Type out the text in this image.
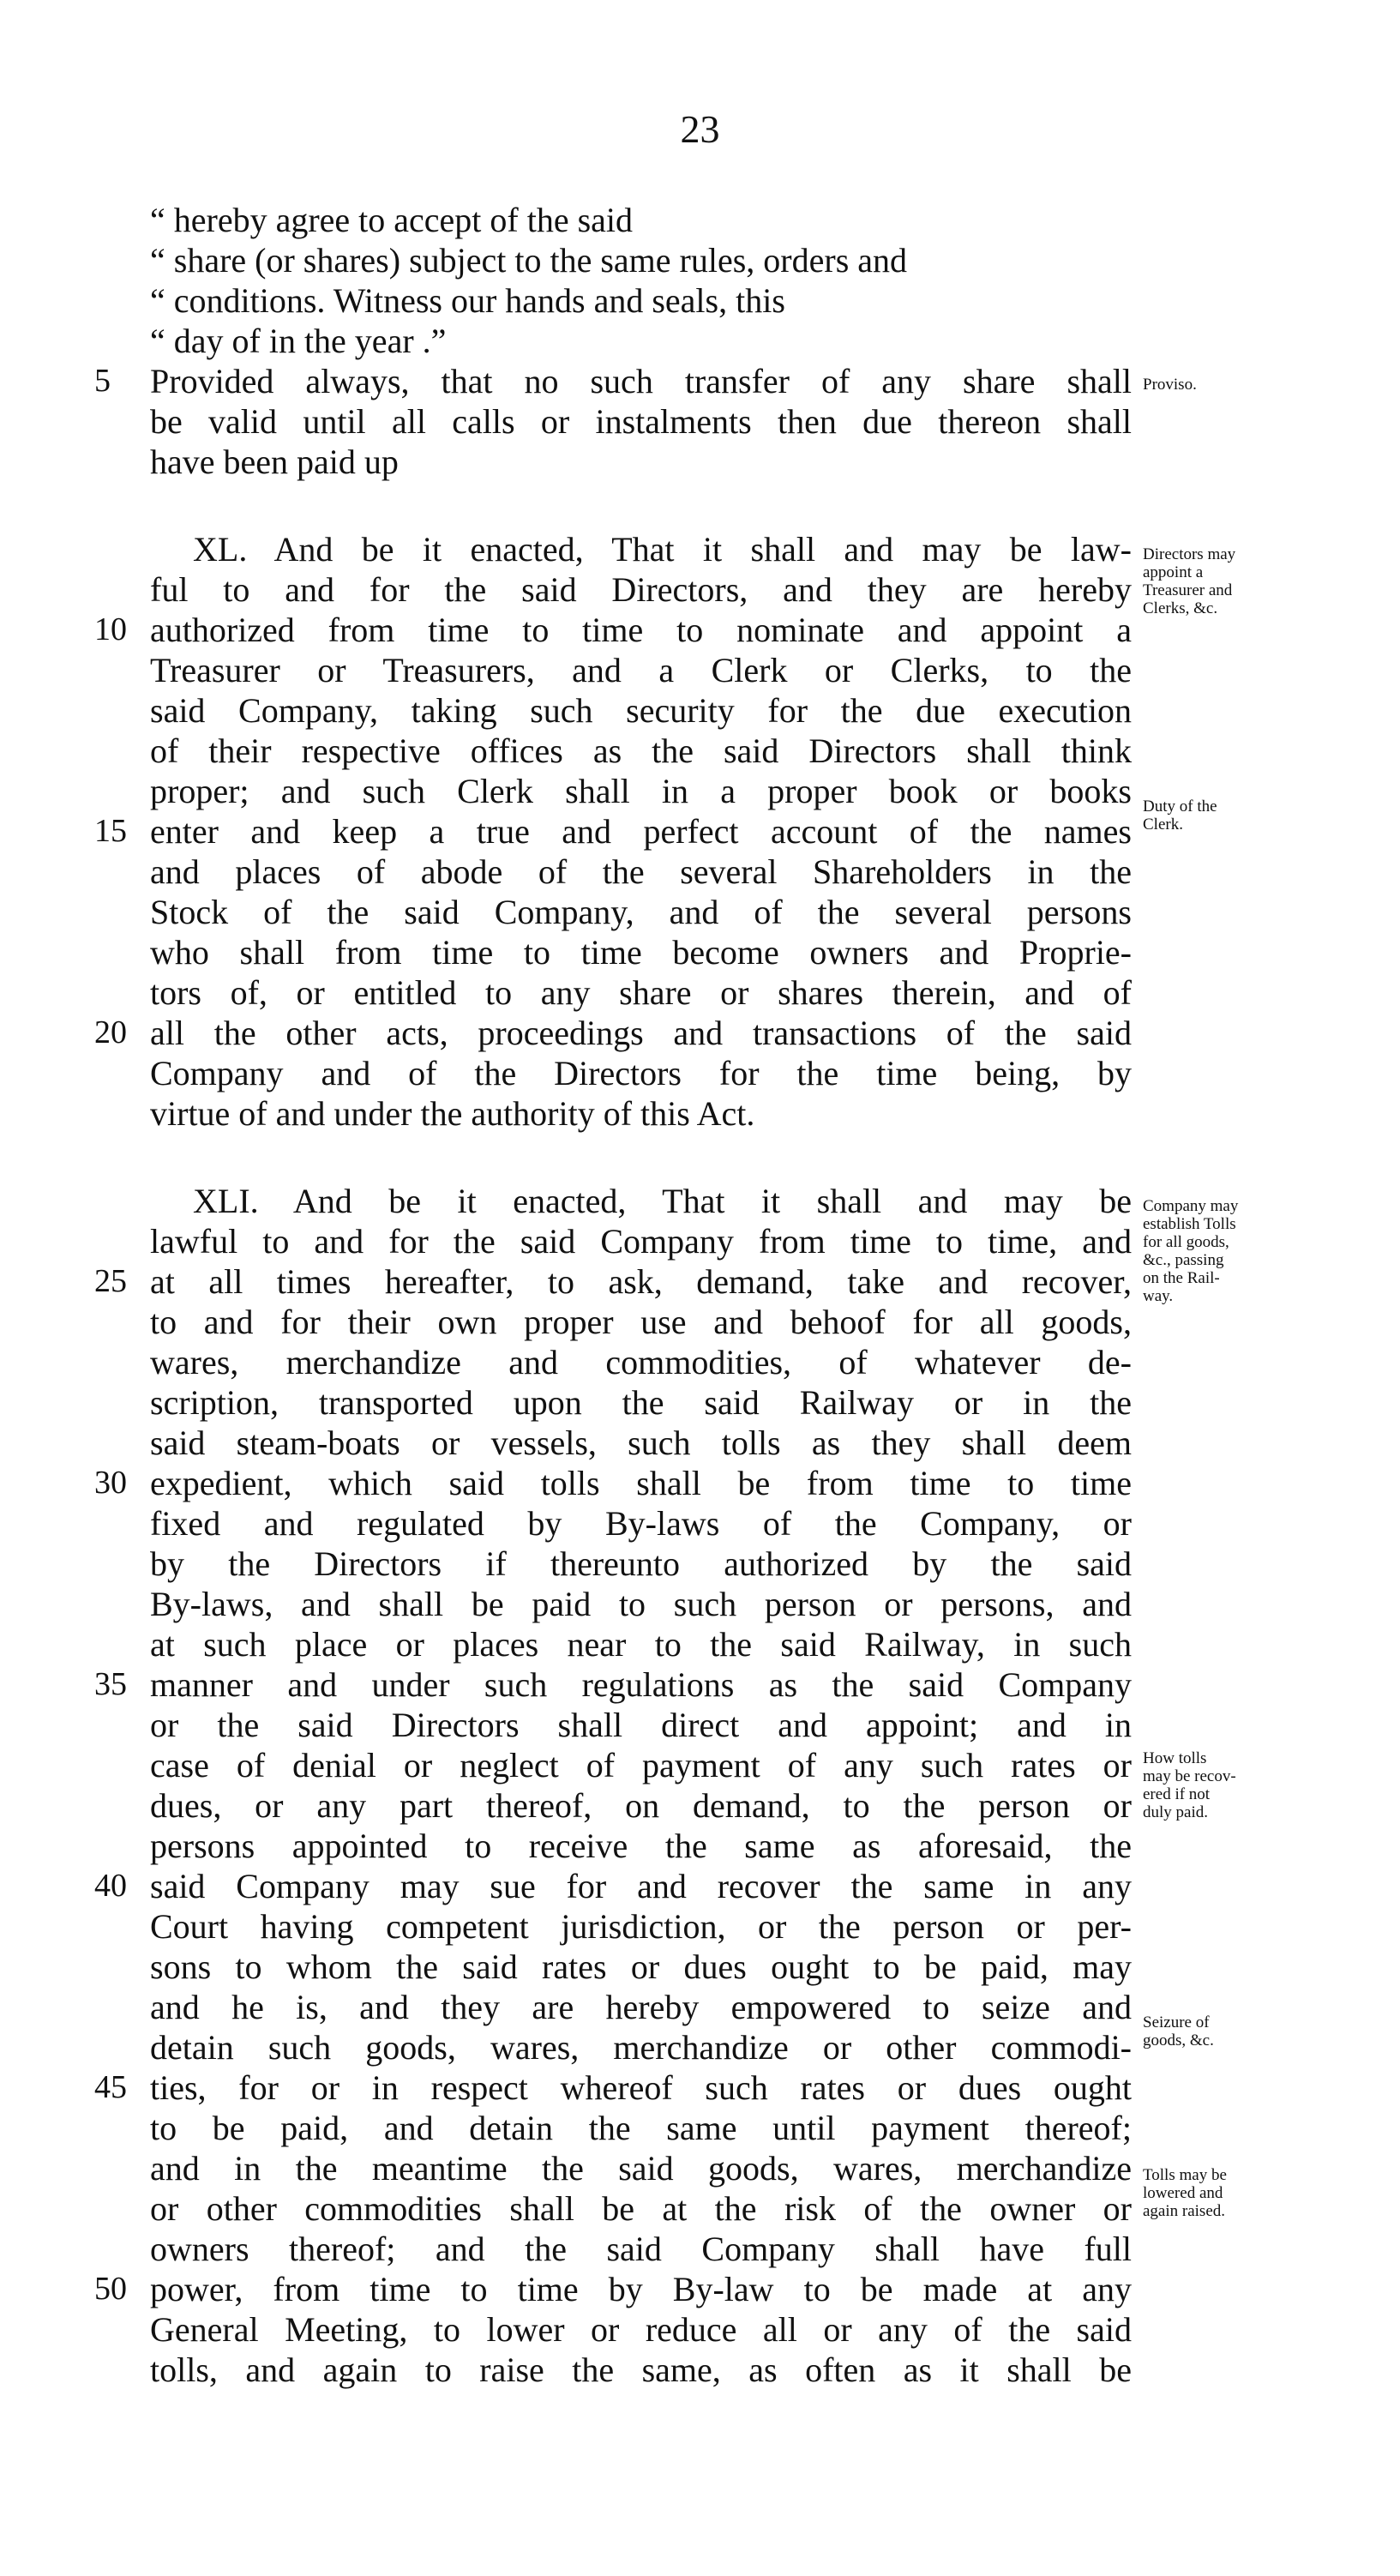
23
“ hereby agree to accept of the said
“ share (or shares) subject to the same rules, orders and
“ conditions. Witness our hands and seals, this
“ day of in the year .”
Provided always, that no such transfer of any share shall
5
be valid until all calls or instalments then due thereon shall
have been paid up
XL. And be it enacted, That it shall and may be law-
ful to and for the said Directors, and they are hereby
authorized from time to time to nominate and appoint a
10
Treasurer or Treasurers, and a Clerk or Clerks, to the
said Company, taking such security for the due execution
of their respective offices as the said Directors shall think
proper; and such Clerk shall in a proper book or books
enter and keep a true and perfect account of the names
15
and places of abode of the several Shareholders in the
Stock of the said Company, and of the several persons
who shall from time to time become owners and Proprie-
tors of, or entitled to any share or shares therein, and of
all the other acts, proceedings and transactions of the said
20
Company and of the Directors for the time being, by
virtue of and under the authority of this Act.
XLI. And be it enacted, That it shall and may be
lawful to and for the said Company from time to time, and
at all times hereafter, to ask, demand, take and recover,
25
to and for their own proper use and behoof for all goods,
wares, merchandize and commodities, of whatever de-
scription, transported upon the said Railway or in the
said steam-boats or vessels, such tolls as they shall deem
expedient, which said tolls shall be from time to time
30
fixed and regulated by By-laws of the Company, or
by the Directors if thereunto authorized by the said
By-laws, and shall be paid to such person or persons, and
at such place or places near to the said Railway, in such
manner and under such regulations as the said Company
35
or the said Directors shall direct and appoint; and in
case of denial or neglect of payment of any such rates or
dues, or any part thereof, on demand, to the person or
persons appointed to receive the same as aforesaid, the
said Company may sue for and recover the same in any
40
Court having competent jurisdiction, or the person or per-
sons to whom the said rates or dues ought to be paid, may
and he is, and they are hereby empowered to seize and
detain such goods, wares, merchandize or other commodi-
ties, for or in respect whereof such rates or dues ought
45
to be paid, and detain the same until payment thereof;
and in the meantime the said goods, wares, merchandize
or other commodities shall be at the risk of the owner or
owners thereof; and the said Company shall have full
power, from time to time by By-law to be made at any
50
General Meeting, to lower or reduce all or any of the said
tolls, and again to raise the same, as often as it shall be
Proviso.
Directors may
appoint a
Treasurer and
Clerks, &c.
Duty of the
Clerk.
Company may
establish Tolls
for all goods,
&c., passing
on the Rail-
way.
How tolls
may be recov-
ered if not
duly paid.
Seizure of
goods, &c.
Tolls may be
lowered and
again raised.
